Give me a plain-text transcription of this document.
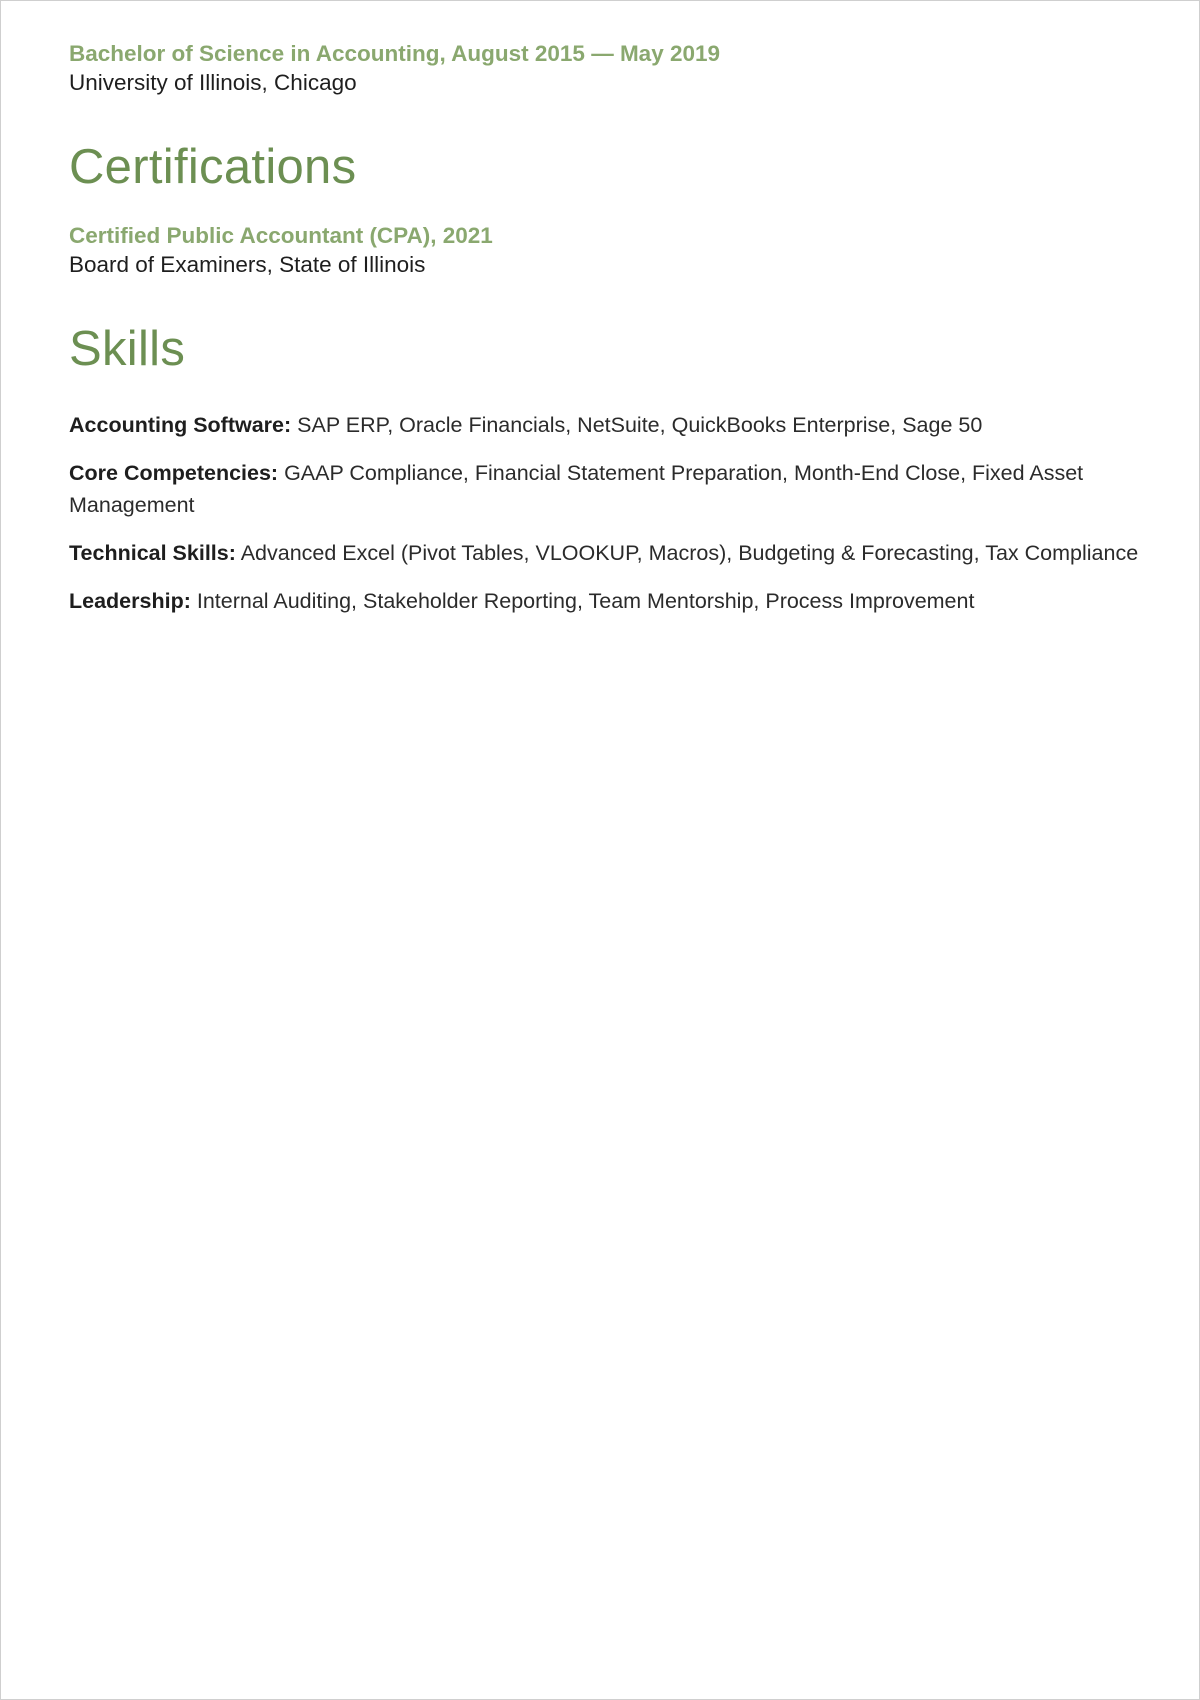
Bachelor of Science in Accounting, August 2015 — May 2019

University of Illinois, Chicago

Certifications

Certified Public Accountant (CPA), 2021

Board of Examiners, State of Illinois

Skills

Accounting Software: SAP ERP, Oracle Financials, NetSuite, QuickBooks Enterprise, Sage 50

Core Competencies: GAAP Compliance, Financial Statement Preparation, Month-End Close, Fixed Asset Management

Technical Skills: Advanced Excel (Pivot Tables, VLOOKUP, Macros), Budgeting & Forecasting, Tax Compliance

Leadership: Internal Auditing, Stakeholder Reporting, Team Mentorship, Process Improvement
